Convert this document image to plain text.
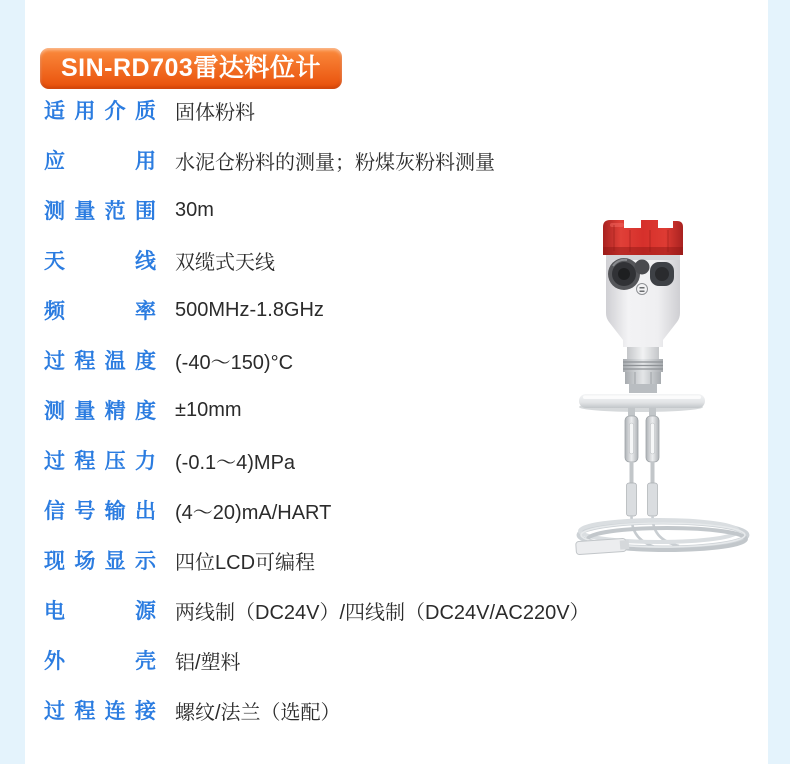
SIN-RD703雷达料位计
适用介质 固体粉料
应用 水泥仓粉料的测量；粉煤灰粉料测量
测量范围 30m
天线 双缆式天线
频率 500MHz-1.8GHz
过程温度 (-40～150)°C
测量精度 ±10mm
过程压力 (-0.1～4)MPa
信号输出 (4～20)mA/HART
现场显示 四位LCD可编程
电源 两线制（DC24V）/四线制（DC24V/AC220V）
外壳 铝/塑料
过程连接 螺纹/法兰（选配）
